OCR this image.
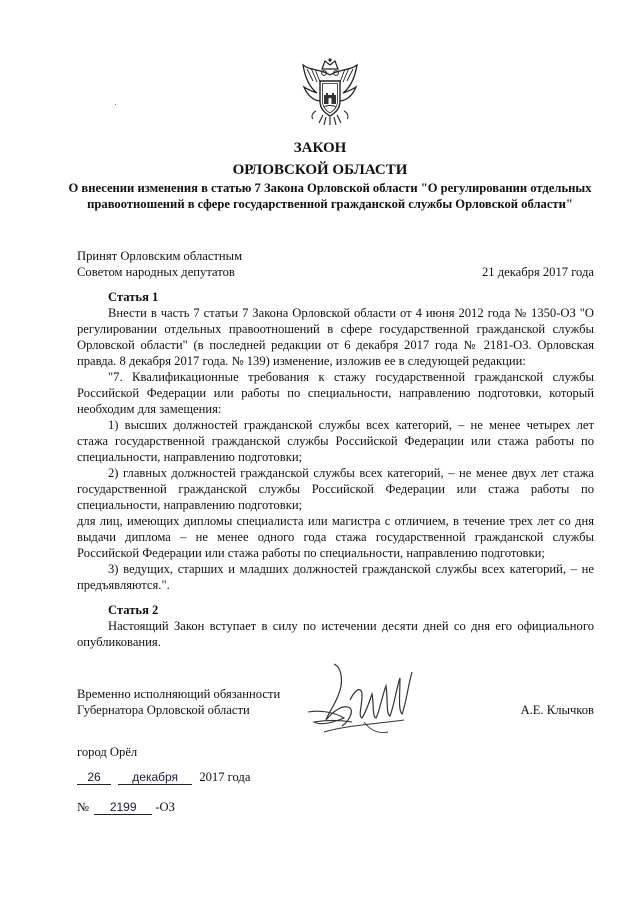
ЗАКОН
ОРЛОВСКОЙ ОБЛАСТИ
О внесении изменения в статью 7 Закона Орловской области "О регулировании отдельных правоотношений в сфере государственной гражданской службы Орловской области"
Принят Орловским областным
Советом народных депутатов	21 декабря 2017 года
Статья 1

Внести в часть 7 статьи 7 Закона Орловской области от 4 июня 2012 года № 1350-ОЗ "О регулировании отдельных правоотношений в сфере государственной гражданской службы Орловской области" (в последней редакции от 6 декабря 2017 года № 2181-ОЗ. Орловская правда. 8 декабря 2017 года. № 139) изменение, изложив ее в следующей редакции:

"7. Квалификационные требования к стажу государственной гражданской службы Российской Федерации или работы по специальности, направлению подготовки, который необходим для замещения:

1) высших должностей гражданской службы всех категорий, – не менее четырех лет стажа государственной гражданской службы Российской Федерации или стажа работы по специальности, направлению подготовки;

2) главных должностей гражданской службы всех категорий, – не менее двух лет стажа государственной гражданской службы Российской Федерации или стажа работы по специальности, направлению подготовки;

для лиц, имеющих дипломы специалиста или магистра с отличием, в течение трех лет со дня выдачи диплома – не менее одного года стажа государственной гражданской службы Российской Федерации или стажа работы по специальности, направлению подготовки;

3) ведущих, старших и младших должностей гражданской службы всех категорий, – не предъявляются.".

Статья 2

Настоящий Закон вступает в силу по истечении десяти дней со дня его официального опубликования.

Временно исполняющий обязанности
Губернатора Орловской области	А.Е. Клычков
город Орёл
26	декабря 2017 года
№ 2199 -ОЗ
